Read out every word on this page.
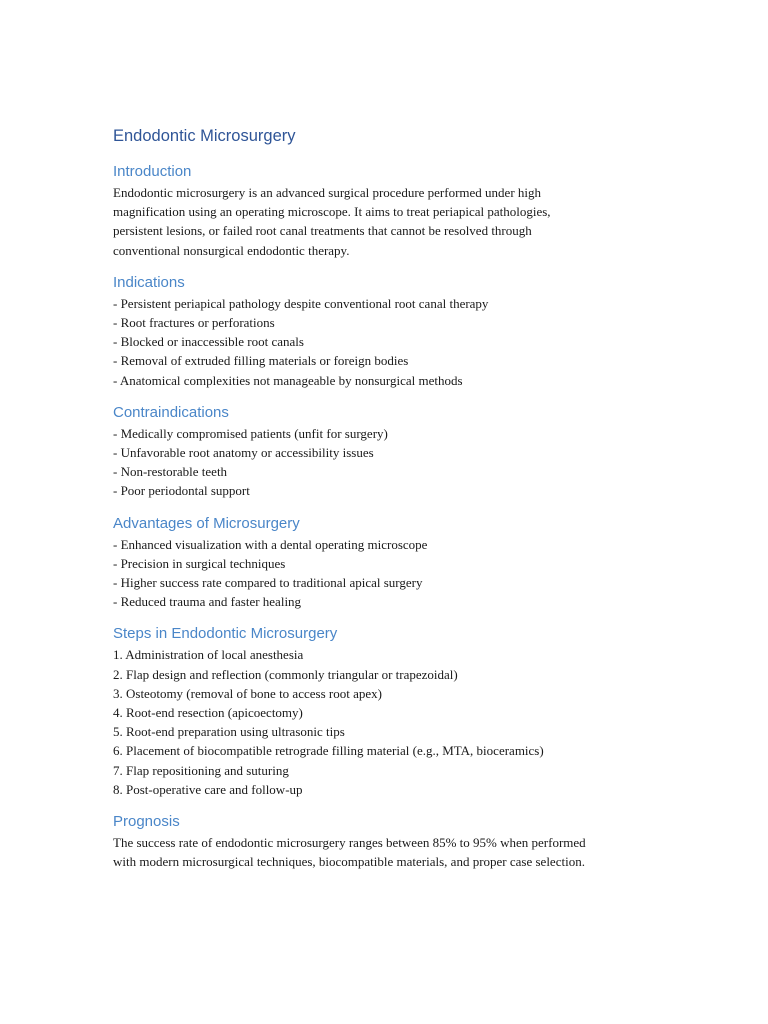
Endodontic Microsurgery
Introduction

Endodontic microsurgery is an advanced surgical procedure performed under high

magnification using an operating microscope. It aims to treat periapical pathologies,

persistent lesions, or failed root canal treatments that cannot be resolved through

conventional nonsurgical endodontic therapy.

Indications

- Persistent periapical pathology despite conventional root canal therapy

- Root fractures or perforations

- Blocked or inaccessible root canals

- Removal of extruded filling materials or foreign bodies

- Anatomical complexities not manageable by nonsurgical methods

Contraindications

- Medically compromised patients (unfit for surgery)

- Unfavorable root anatomy or accessibility issues

- Non-restorable teeth

- Poor periodontal support

Advantages of Microsurgery

- Enhanced visualization with a dental operating microscope

- Precision in surgical techniques

- Higher success rate compared to traditional apical surgery

- Reduced trauma and faster healing

Steps in Endodontic Microsurgery

1. Administration of local anesthesia

2. Flap design and reflection (commonly triangular or trapezoidal)

3. Osteotomy (removal of bone to access root apex)

4. Root-end resection (apicoectomy)

5. Root-end preparation using ultrasonic tips

6. Placement of biocompatible retrograde filling material (e.g., MTA, bioceramics)

7. Flap repositioning and suturing

8. Post-operative care and follow-up

Prognosis

The success rate of endodontic microsurgery ranges between 85% to 95% when performed

with modern microsurgical techniques, biocompatible materials, and proper case selection.
